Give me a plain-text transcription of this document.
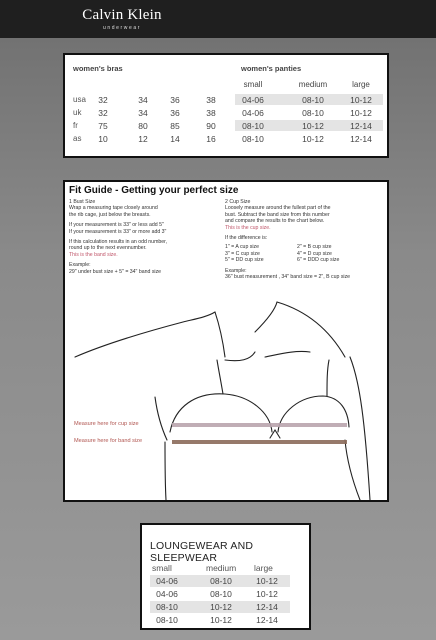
Calvin Klein
underwear
women's bras	women's panties
small	medium	large
usa	32	34	36	38	04-06	08-10	10-12
uk	32	34	36	38	04-06	08-10	10-12
fr	75	80	85	90	08-10	10-12	12-14
as	10	12	14	16	08-10	10-12	12-14
Fit Guide - Getting your perfect size
1 Bust Size
Wrap a measuring tape closely around
the rib cage, just below the breasts.
If your measurement is 33" or less add 5"
If your measurement is 33" or more add 3"
If this calculation results in an odd number,
round up to the next evennumber.
This is the band size.
Example:
29" under bust size + 5" = 34" band size
2 Cup Size
Loosely measure around the fullest part of the
bust. Subtract the band size from this number
and compare the results to the chart below.
This is the cup size.
If the difference is:
1" = A cup size	2" = B cup size
3" = C cup size	4" = D cup size
5" = DD cup size	6" = DDD cup size
Example:
36" bust measurement , 34" band size = 2", B cup size
Measure here for cup size
Measure here for band size
LOUNGEWEAR AND SLEEPWEAR
small	medium large
04-06	08-10	10-12
04-06	08-10	10-12
08-10	10-12	12-14
08-10	10-12	12-14
